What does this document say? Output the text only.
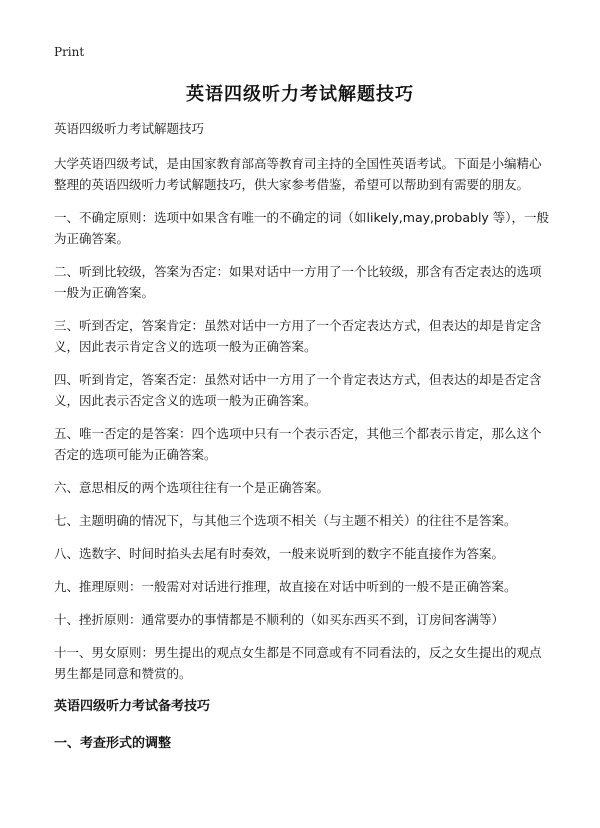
Print
英语四级听力考试解题技巧

英语四级听力考试解题技巧

大学英语四级考试，是由国家教育部高等教育司主持的全国性英语考试。下面是小编精心整理的英语四级听力考试解题技巧，供大家参考借鉴，希望可以帮助到有需要的朋友。

一、不确定原则：选项中如果含有唯一的不确定的词（如likely,may,probably 等），一般为正确答案。

二、听到比较级，答案为否定：如果对话中一方用了一个比较级，那含有否定表达的选项一般为正确答案。

三、听到否定，答案肯定：虽然对话中一方用了一个否定表达方式，但表达的却是肯定含义，因此表示肯定含义的选项一般为正确答案。

四、听到肯定，答案否定：虽然对话中一方用了一个肯定表达方式，但表达的却是否定含义，因此表示否定含义的选项一般为正确答案。

五、唯一否定的是答案：四个选项中只有一个表示否定，其他三个都表示肯定，那么这个否定的选项可能为正确答案。

六、意思相反的两个选项往往有一个是正确答案。

七、主题明确的情况下，与其他三个选项不相关（与主题不相关）的往往不是答案。

八、选数字、时间时掐头去尾有时奏效，一般来说听到的数字不能直接作为答案。

九、推理原则：一般需对对话进行推理，故直接在对话中听到的一般不是正确答案。

十、挫折原则：通常要办的事情都是不顺利的（如买东西买不到，订房间客满等）

十一、男女原则：男生提出的观点女生都是不同意或有不同看法的，反之女生提出的观点男生都是同意和赞赏的。

英语四级听力考试备考技巧
一、考查形式的调整
